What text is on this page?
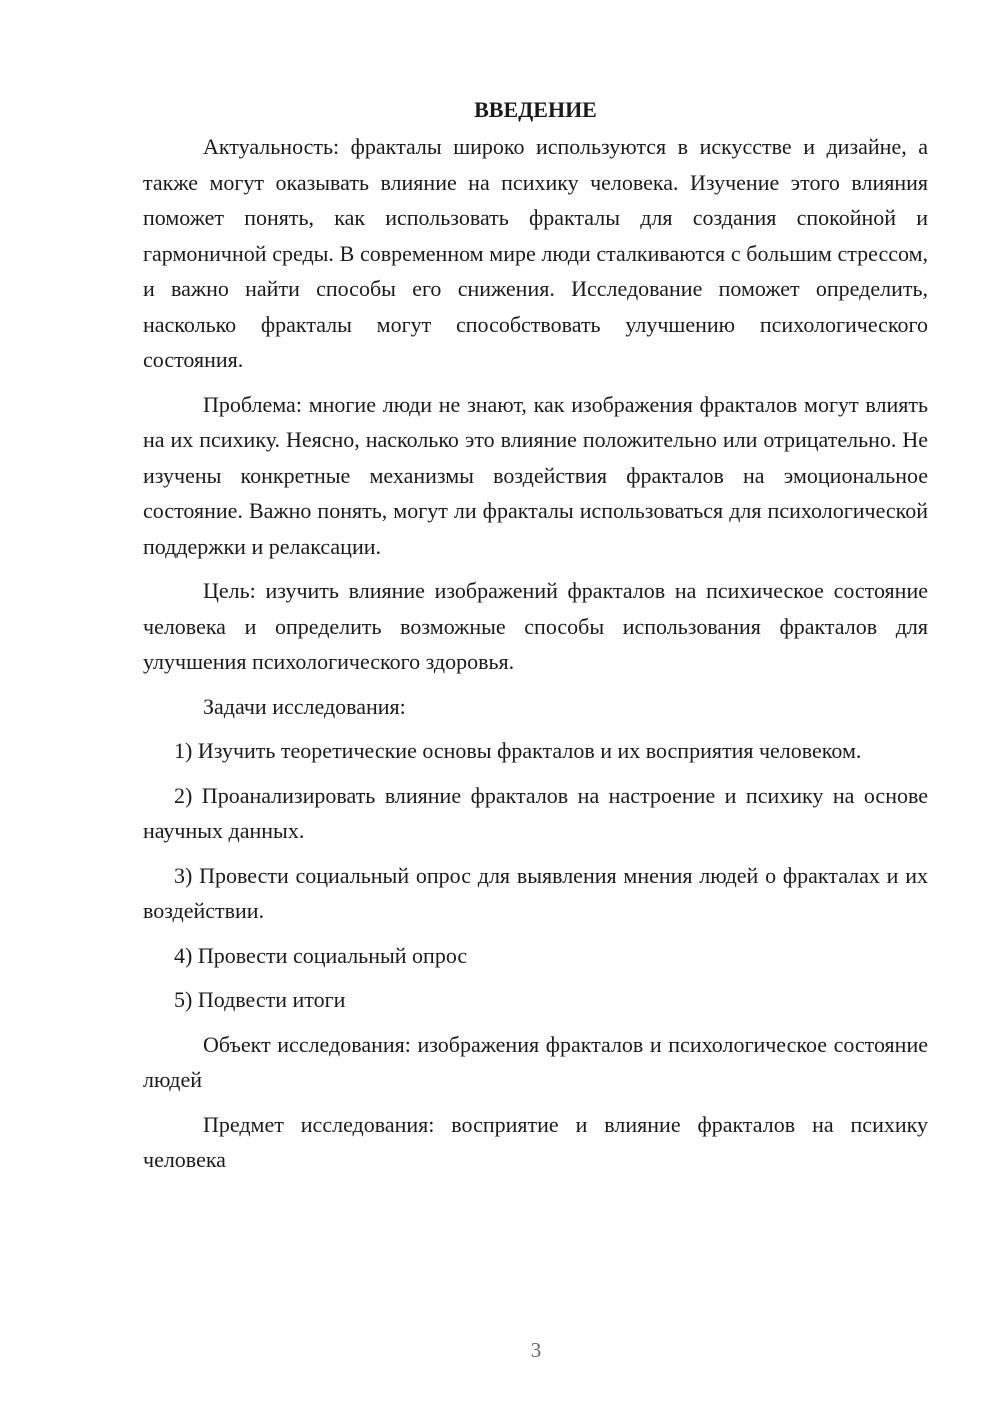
ВВЕДЕНИЕ

Актуальность: фракталы широко используются в искусстве и дизайне, а также могут оказывать влияние на психику человека. Изучение этого влияния поможет понять, как использовать фракталы для создания спокойной и гармоничной среды. В современном мире люди сталкиваются с большим стрессом, и важно найти способы его снижения. Исследование поможет определить, насколько фракталы могут способствовать улучшению психологического состояния.

Проблема: многие люди не знают, как изображения фракталов могут влиять на их психику. Неясно, насколько это влияние положительно или отрицательно. Не изучены конкретные механизмы воздействия фракталов на эмоциональное состояние. Важно понять, могут ли фракталы использоваться для психологической поддержки и релаксации.

Цель: изучить влияние изображений фракталов на психическое состояние человека и определить возможные способы использования фракталов для улучшения психологического здоровья.

Задачи исследования:

1) Изучить теоретические основы фракталов и их восприятия человеком.

2) Проанализировать влияние фракталов на настроение и психику на основе научных данных.

3) Провести социальный опрос для выявления мнения людей о фракталах и их воздействии.

4) Провести социальный опрос

5) Подвести итоги

Объект исследования: изображения фракталов и психологическое состояние людей

Предмет исследования: восприятие и влияние фракталов на психику человека

3
